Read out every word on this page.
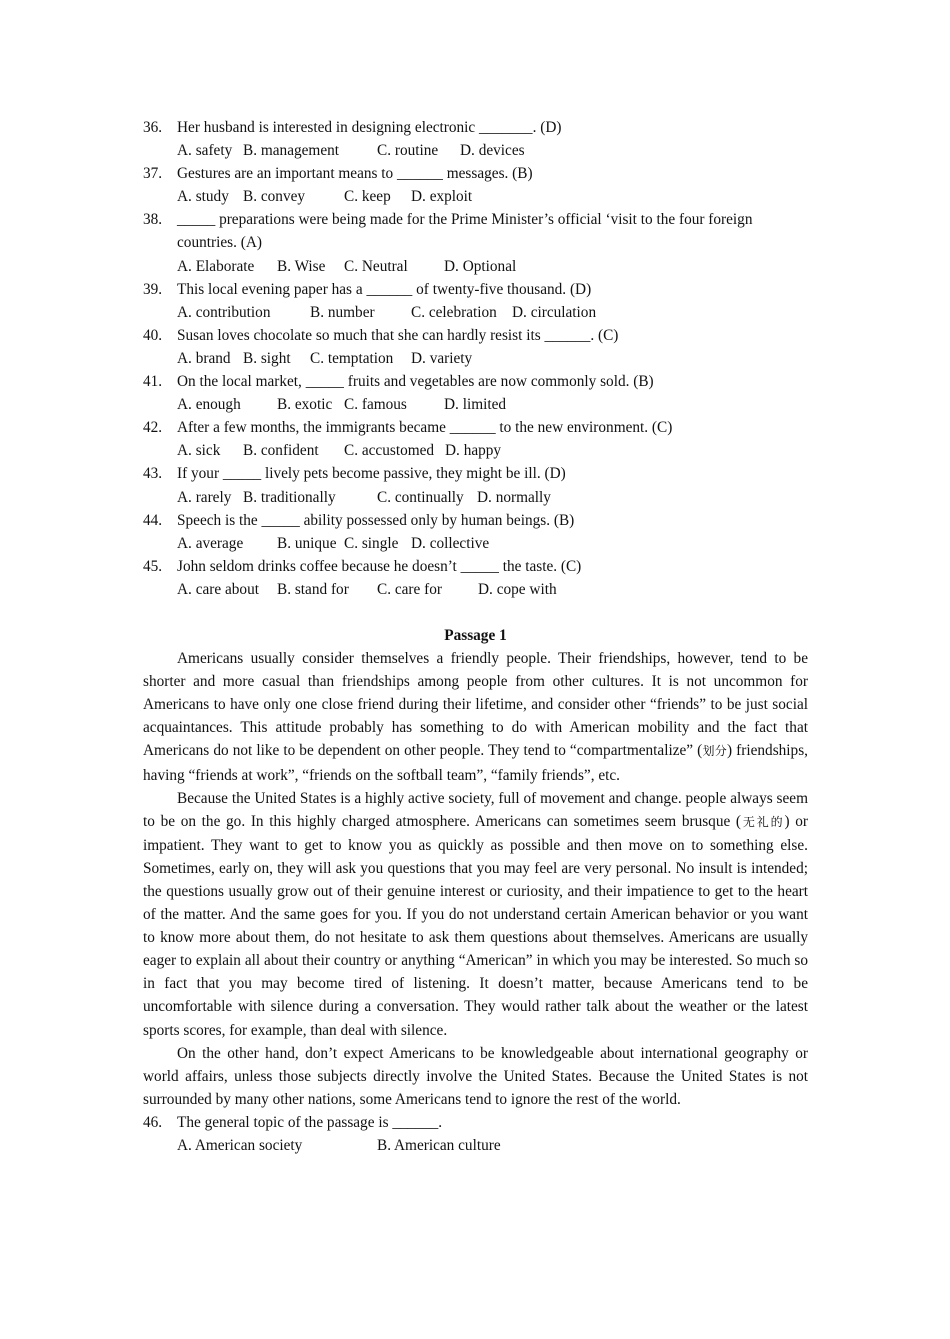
36. Her husband is interested in designing electronic _______. (D)
A. safety B. management C. routine D. devices
37. Gestures are an important means to ______ messages. (B)
A. study B. convey	C. keep D. exploit
38. _____ preparations were being made for the Prime Minister’s official ‘visit to the four foreign countries. (A)
A. Elaborate B. Wise C. Neutral D. Optional
39. This local evening paper has a ______ of twenty-five thousand. (D)
A. contribution	B. number C. celebration D. circulation
40. Susan loves chocolate so much that she can hardly resist its ______. (C)
A. brand B. sight C. temptation D. variety
41. On the local market, _____ fruits and vegetables are now commonly sold. (B)
A. enough B. exotic C. famous D. limited
42. After a few months, the immigrants became ______ to the new environment. (C)
A. sick B. confident C. accustomed D. happy
43. If your _____ lively pets become passive, they might be ill. (D)
A. rarely B. traditionally	C. continually D. normally
44. Speech is the _____ ability possessed only by human beings. (B)
A. average B. unique C. single D. collective
45. John seldom drinks coffee because he doesn’t _____ the taste. (C)
A. care about B. stand for C. care for D. cope with
Passage 1
Americans usually consider themselves a friendly people. Their friendships, however, tend to be shorter and more casual than friendships among people from other cultures. It is not uncommon for Americans to have only one close friend during their lifetime, and consider other “friends” to be just social acquaintances. This attitude probably has something to do with American mobility and the fact that Americans do not like to be dependent on other people. They tend to “compartmentalize” (划分) friendships, having “friends at work”, “friends on the softball team”, “family friends”, etc.
Because the United States is a highly active society, full of movement and change. people always seem to be on the go. In this highly charged atmosphere. Americans can sometimes seem brusque (无礼的) or impatient. They want to get to know you as quickly as possible and then move on to something else. Sometimes, early on, they will ask you questions that you may feel are very personal. No insult is intended; the questions usually grow out of their genuine interest or curiosity, and their impatience to get to the heart of the matter. And the same goes for you. If you do not understand certain American behavior or you want to know more about them, do not hesitate to ask them questions about themselves. Americans are usually eager to explain all about their country or anything “American” in which you may be interested. So much so in fact that you may become tired of listening. It doesn’t matter, because Americans tend to be uncomfortable with silence during a conversation. They would rather talk about the weather or the latest sports scores, for example, than deal with silence.
On the other hand, don’t expect Americans to be knowledgeable about international geography or world affairs, unless those subjects directly involve the United States. Because the United States is not surrounded by many other nations, some Americans tend to ignore the rest of the world.
46. The general topic of the passage is ______.
A. American society	B. American culture
